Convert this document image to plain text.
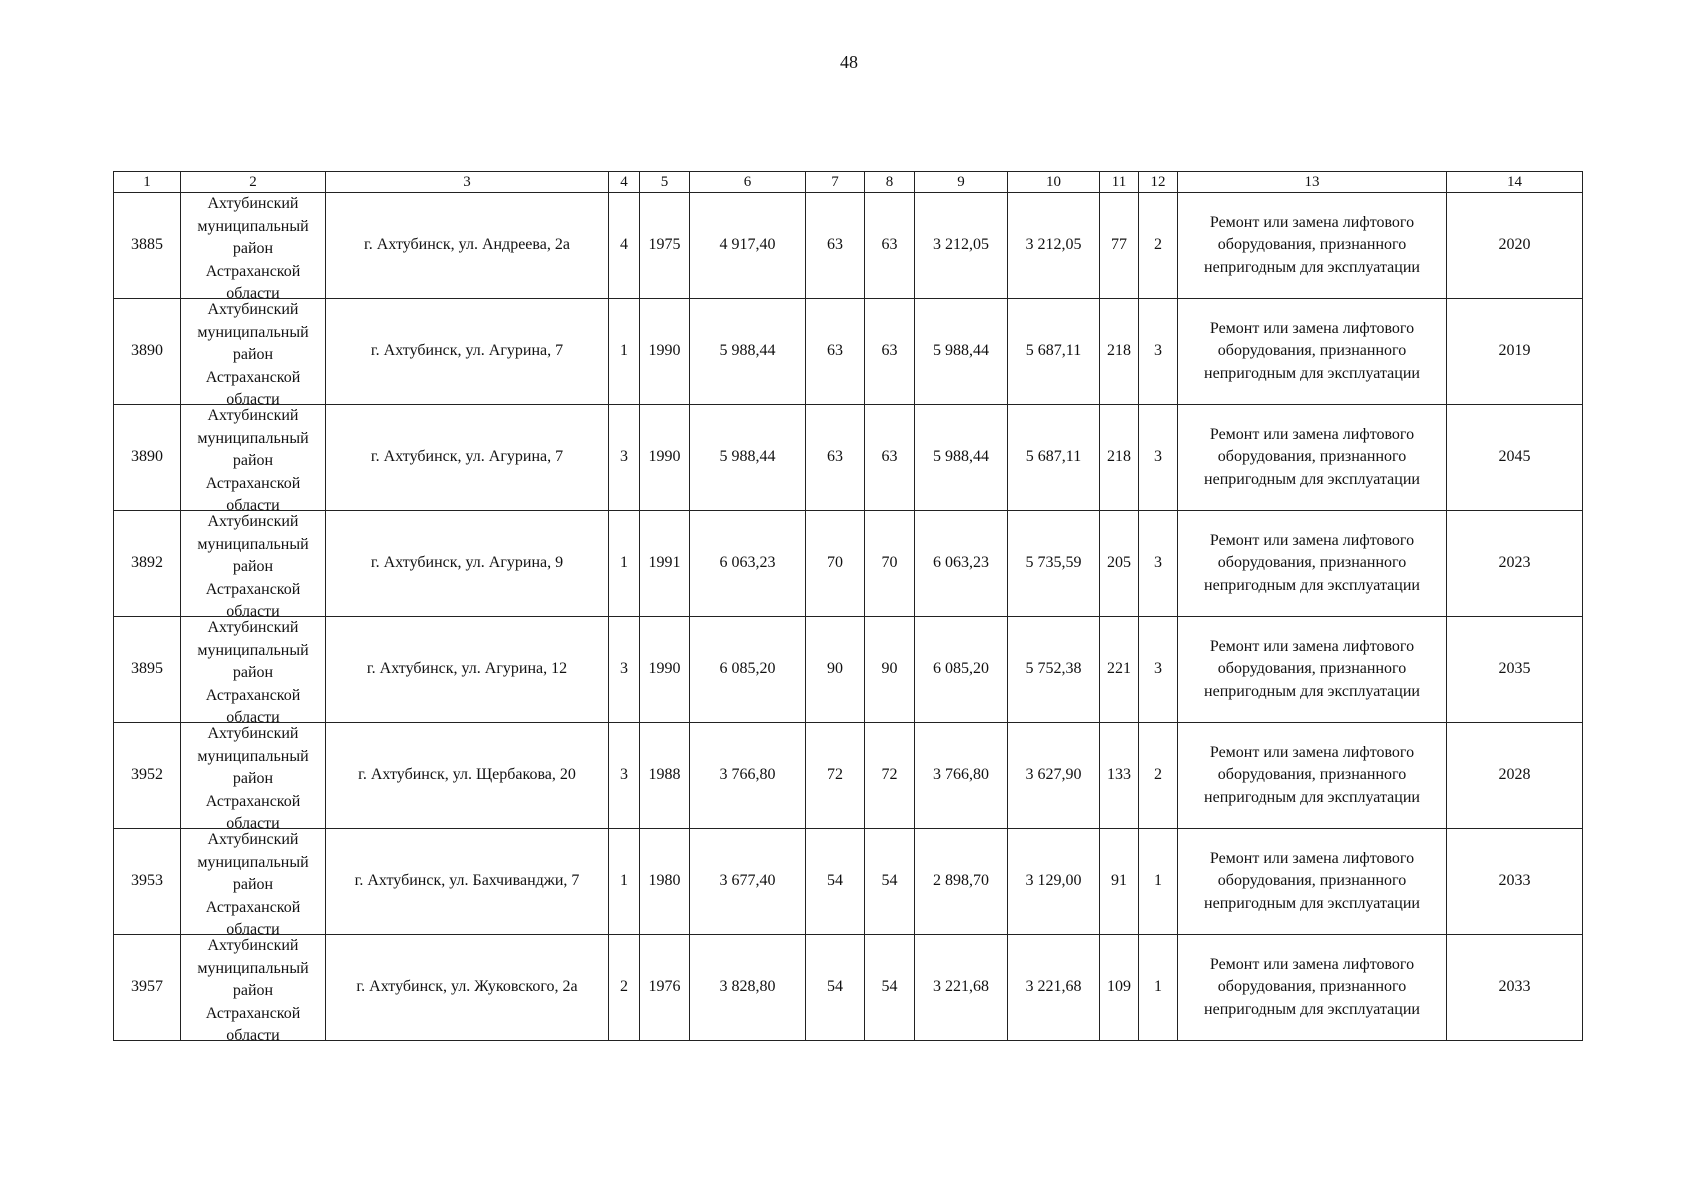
48
1	2	3	4	5	6	7	8	9	10	11	12	13	14
3885	Ахтубинский
муниципальный
район
Астраханской
области	г. Ахтубинск, ул. Андреева, 2а	4	1975	4 917,40	63	63	3 212,05	3 212,05	77	2	Ремонт или замена лифтового
оборудования, признанного
непригодным для эксплуатации	2020
3890	Ахтубинский
муниципальный
район
Астраханской
области	г. Ахтубинск, ул. Агурина, 7	1	1990	5 988,44	63	63	5 988,44	5 687,11	218	3	Ремонт или замена лифтового
оборудования, признанного
непригодным для эксплуатации	2019
3890	Ахтубинский
муниципальный
район
Астраханской
области	г. Ахтубинск, ул. Агурина, 7	3	1990	5 988,44	63	63	5 988,44	5 687,11	218	3	Ремонт или замена лифтового
оборудования, признанного
непригодным для эксплуатации	2045
3892	Ахтубинский
муниципальный
район
Астраханской
области	г. Ахтубинск, ул. Агурина, 9	1	1991	6 063,23	70	70	6 063,23	5 735,59	205	3	Ремонт или замена лифтового
оборудования, признанного
непригодным для эксплуатации	2023
3895	Ахтубинский
муниципальный
район
Астраханской
области	г. Ахтубинск, ул. Агурина, 12	3	1990	6 085,20	90	90	6 085,20	5 752,38	221	3	Ремонт или замена лифтового
оборудования, признанного
непригодным для эксплуатации	2035
3952	Ахтубинский
муниципальный
район
Астраханской
области	г. Ахтубинск, ул. Щербакова, 20	3	1988	3 766,80	72	72	3 766,80	3 627,90	133	2	Ремонт или замена лифтового
оборудования, признанного
непригодным для эксплуатации	2028
3953	Ахтубинский
муниципальный
район
Астраханской
области	г. Ахтубинск, ул. Бахчиванджи, 7	1	1980	3 677,40	54	54	2 898,70	3 129,00	91	1	Ремонт или замена лифтового
оборудования, признанного
непригодным для эксплуатации	2033
3957	Ахтубинский
муниципальный
район
Астраханской
области	г. Ахтубинск, ул. Жуковского, 2а	2	1976	3 828,80	54	54	3 221,68	3 221,68	109	1	Ремонт или замена лифтового
оборудования, признанного
непригодным для эксплуатации	2033
